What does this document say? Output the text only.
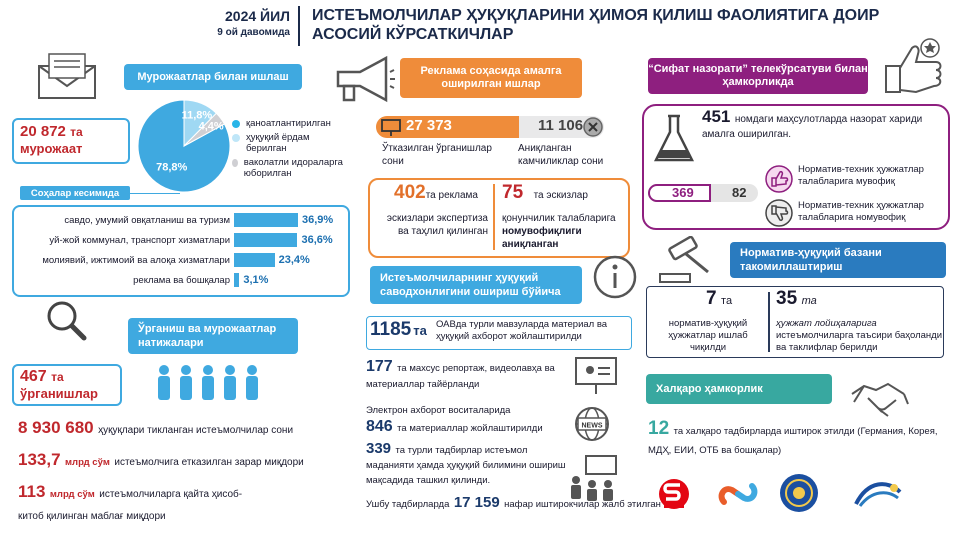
2024 ЙИЛ
9 ой давомида
ИСТЕЪМОЛЧИЛАР ҲУҚУҚЛАРИНИ ҲИМОЯ ҚИЛИШ ФАОЛИЯТИГА ДОИР АСОСИЙ КЎРСАТКИЧЛАР
Мурожаатлар билан ишлаш
20 872 та
мурожаат
78,8%
11,8%
4,4% қаноатлантирилган
ҳуқуқий ёрдам берилган
ваколатли идораларга юборилган
Соҳалар кесимида
савдо, умумий овқатланиш ва туризм	36,9%
уй-жой коммунал, транспорт хизматлари	36,6%
молиявий, ижтимоий ва алоқа хизматлари	23,4%
реклама ва бошқалар	3,1%
Ўрганиш ва мурожаатлар натижалари
467 та
ўрганишлар
8 930 680 ҳуқуқлари тикланган истеъмолчилар сони
133,7 млрд сўм истеъмолчига етказилган зарар миқдори
113 млрд сўм истеъмолчиларга қайта ҳисоб-китоб қилинган маблағ миқдори
Реклама соҳасида амалга оширилган ишлар
27 373	11 106
Ўтказилган ўрганишлар сони
Аниқланган камчиликлар сони
402та реклама
эскизлари экспертиза ва таҳлил қилинган
75 та эскизлар
қонунчилик талабларига
номувофиқлиги аниқланган
Истеъмолчиларнинг ҳуқуқий саводхонлигини ошириш бўйича
1185 та ОАВда турли мавзуларда материал ва ҳуқуқий ахборот жойлаштирилди
177 та махсус репортаж, видеолавҳа ва материаллар тайёрланди
Электрон ахборот воситаларида
846 та материаллар жойлаштирилди	NEWS
339 та турли тадбирлар истеъмол маданияти ҳамда ҳуқуқий билимини ошириш мақсадида ташкил қилинди.
Ушбу тадбирларда 17 159 нафар иштирокчилар жалб этилган
“Сифат назорати” телекўрсатуви билан ҳамкорликда
451 номдаги маҳсулотларда назорат хариди амалга оширилган.
369	82
Норматив-техник ҳужжатлар талабларига мувофиқ
Норматив-техник ҳужжатлар талабларига номувофиқ
Норматив-ҳуқуқий базани такомиллаштириш
7 та
норматив-ҳуқуқий ҳужжатлар ишлаб чиқилди
35 та
ҳужжат лойиҳаларига
истеъмолчиларга таъсири баҳоланди ва таклифлар берилди
Халқаро ҳамкорлик
12 та халқаро тадбирларда иштирок этилди (Германия, Корея, МДҲ, ЕИИ, ОТБ ва бошқалар)
